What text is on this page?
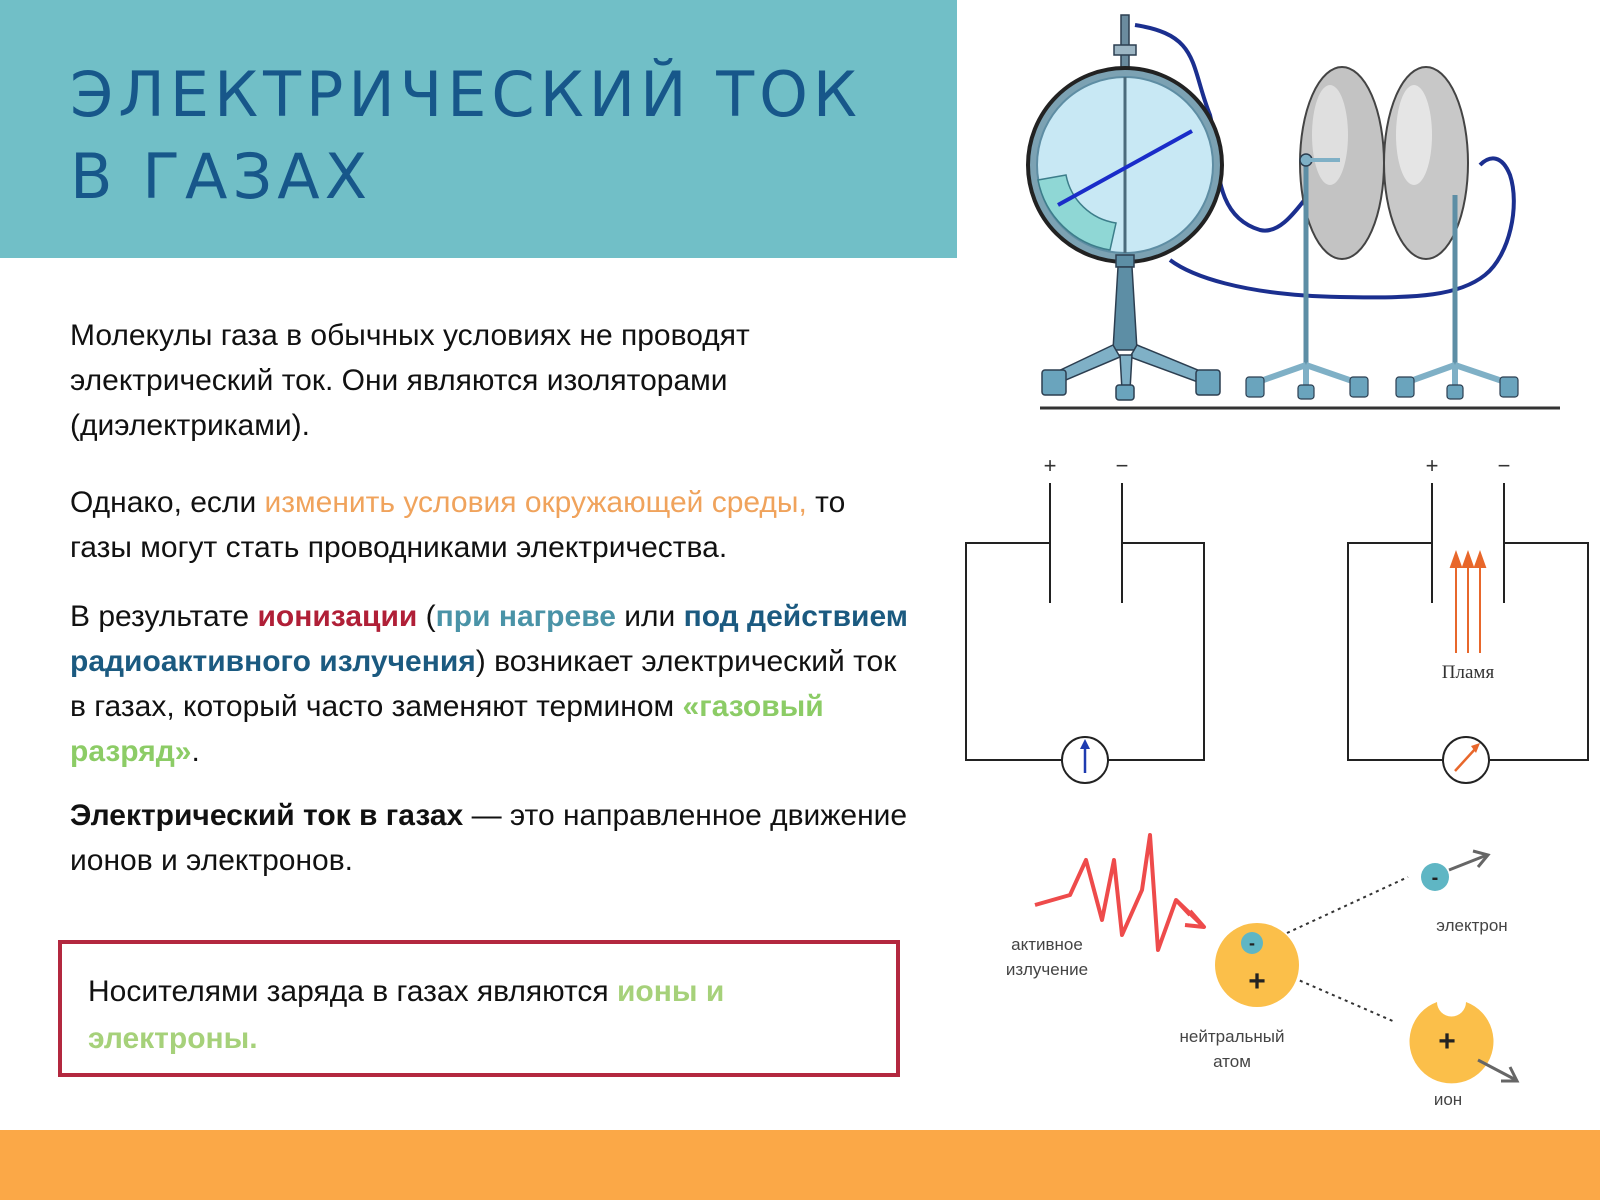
ЭЛЕКТРИЧЕСКИЙ ТОК
В ГАЗАХ

Молекулы газа в обычных условиях не проводят электрический ток. Они являются изоляторами (диэлектриками).

Однако, если изменить условия окружающей среды, то газы могут стать проводниками электричества.

В результате ионизации (при нагреве или под действием радиоактивного излучения) возникает электрический ток в газах, который часто заменяют термином «газовый разряд».

Электрический ток в газах — это направленное движение ионов и электронов.

Носителями заряда в газах являются ионы и электроны.

+	−	+	−
Пламя
активное
излучение
-
+
нейтральный
атом
-
электрон
+
ион
